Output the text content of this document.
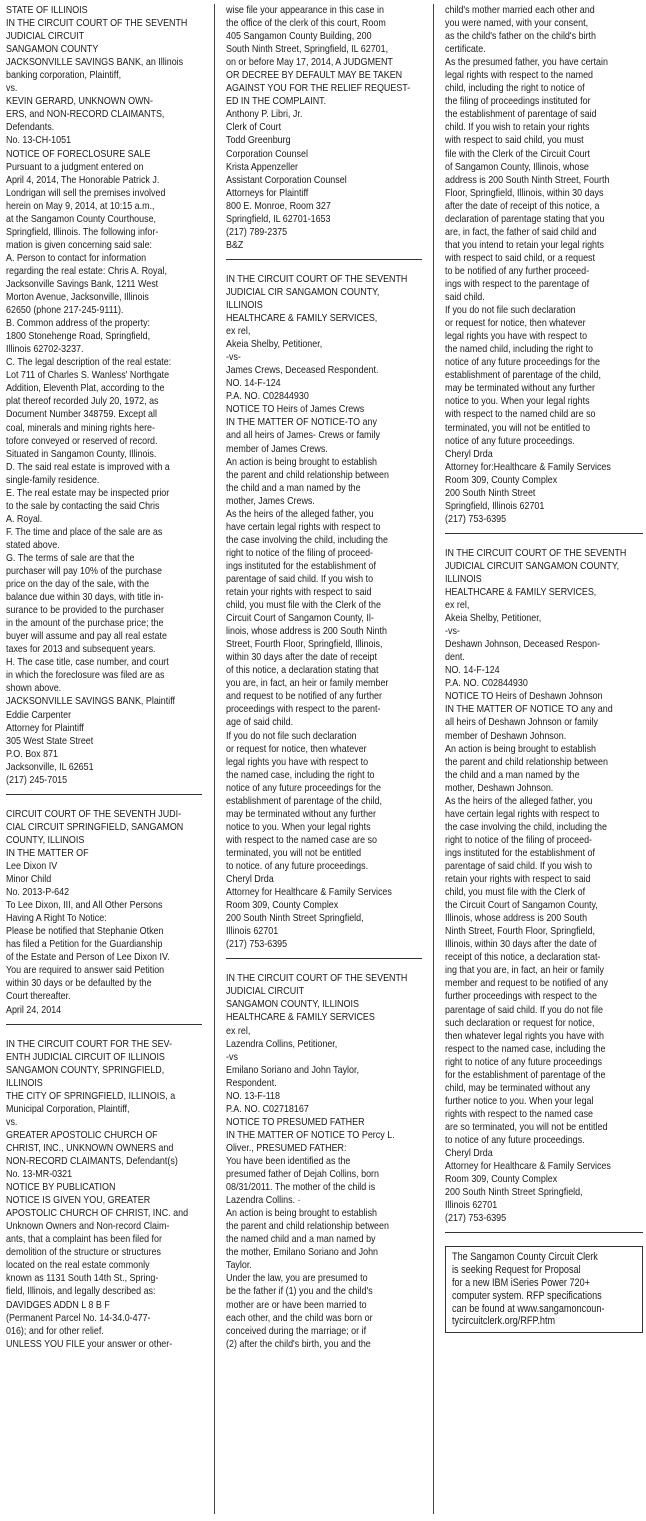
STATE OF ILLINOIS
IN THE CIRCUIT COURT OF THE SEVENTH
JUDICIAL CIRCUIT
SANGAMON COUNTY
JACKSONVILLE SAVINGS BANK, an Illinois
banking corporation, Plaintiff,
vs.
KEVIN GERARD, UNKNOWN OWN-
ERS, and NON-RECORD CLAIMANTS,
Defendants.
No. 13-CH-1051
NOTICE OF FORECLOSURE SALE
Pursuant to a judgment entered on
April 4, 2014, The Honorable Patrick J.
Londrigan will sell the premises involved
herein on May 9, 2014, at 10:15 a.m.,
at the Sangamon County Courthouse,
Springfield, Illinois. The following infor-
mation is given concerning said sale:
A. Person to contact for information
regarding the real estate: Chris A. Royal,
Jacksonville Savings Bank, 1211 West
Morton Avenue, Jacksonville, Illinois
62650 (phone 217-245-9111).
B. Common address of the property:
1800 Stonehenge Road, Springfield,
Illinois 62702-3237.
C. The legal description of the real estate:
Lot 711 of Charles S. Wanless' Northgate
Addition, Eleventh Plat, according to the
plat thereof recorded July 20, 1972, as
Document Number 348759. Except all
coal, minerals and mining rights here-
tofore conveyed or reserved of record.
Situated in Sangamon County, Illinois.
D. The said real estate is improved with a
single-family residence.
E. The real estate may be inspected prior
to the sale by contacting the said Chris
A. Royal.
F. The time and place of the sale are as
stated above.
G. The terms of sale are that the
purchaser will pay 10% of the purchase
price on the day of the sale, with the
balance due within 30 days, with title in-
surance to be provided to the purchaser
in the amount of the purchase price; the
buyer will assume and pay all real estate
taxes for 2013 and subsequent years.
H. The case title, case number, and court
in which the foreclosure was filed are as
shown above.
JACKSONVILLE SAVINGS BANK, Plaintiff
Eddie Carpenter
Attorney for Plaintiff
305 West State Street
P.O. Box 871
Jacksonville, IL 62651
(217) 245-7015
CIRCUIT COURT OF THE SEVENTH JUDI-
CIAL CIRCUIT SPRINGFIELD, SANGAMON
COUNTY, ILLINOIS
IN THE MATTER OF
Lee Dixon IV
Minor Child
No. 2013-P-642
To Lee Dixon, III, and All Other Persons
Having A Right To Notice:
Please be notified that Stephanie Otken
has filed a Petition for the Guardianship
of the Estate and Person of Lee Dixon IV.
You are required to answer said Petition
within 30 days or be defaulted by the
Court thereafter.
April 24, 2014
IN THE CIRCUIT COURT FOR THE SEV-
ENTH JUDICIAL CIRCUIT OF ILLINOIS
SANGAMON COUNTY, SPRINGFIELD,
ILLINOIS
THE CITY OF SPRINGFIELD, ILLINOIS, a
Municipal Corporation, Plaintiff,
vs.
GREATER APOSTOLIC CHURCH OF
CHRIST, INC., UNKNOWN OWNERS and
NON-RECORD CLAIMANTS, Defendant(s)
No. 13-MR-0321
NOTICE BY PUBLICATION
NOTICE IS GIVEN YOU, GREATER
APOSTOLIC CHURCH OF CHRIST, INC. and
Unknown Owners and Non-record Claim-
ants, that a complaint has been filed for
demolition of the structure or structures
located on the real estate commonly
known as 1131 South 14th St., Spring-
field, Illinois, and legally described as:
DAVIDGES ADDN L 8 B F
(Permanent Parcel No. 14-34.0-477-
016); and for other relief.
UNLESS YOU FILE your answer or other-
wise file your appearance in this case in
the office of the clerk of this court, Room
405 Sangamon County Building, 200
South Ninth Street, Springfield, IL 62701,
on or before May 17, 2014, A JUDGMENT
OR DECREE BY DEFAULT MAY BE TAKEN
AGAINST YOU FOR THE RELIEF REQUEST-
ED IN THE COMPLAINT.
Anthony P. Libri, Jr.
Clerk of Court
Todd Greenburg
Corporation Counsel
Krista Appenzeller
Assistant Corporation Counsel
Attorneys for Plaintiff
800 E. Monroe, Room 327
Springfield, IL 62701-1653
(217) 789-2375
B&Z
IN THE CIRCUIT COURT OF THE SEVENTH
JUDICIAL CIR SANGAMON COUNTY,
ILLINOIS
HEALTHCARE & FAMILY SERVICES,
ex rel,
Akeia Shelby, Petitioner,
-vs-
James Crews, Deceased Respondent.
NO. 14-F-124
P.A. NO. C02844930
NOTICE TO Heirs of James Crews
IN THE MATTER OF NOTICE-TO any
and all heirs of James- Crews or family
member of James Crews.
An action is being brought to establish
the parent and child relationship between
the child and a man named by the
mother, James Crews.
As the heirs of the alleged father, you
have certain legal rights with respect to
the case involving the child, including the
right to notice of the filing of proceed-
ings instituted for the establishment of
parentage of said child. If you wish to
retain your rights with respect to said
child, you must file with the Clerk of the
Circuit Court of Sangamon County, Il-
linois, whose address is 200 South Ninth
Street, Fourth Floor, Springfield, Illinois,
within 30 days after the date of receipt
of this notice, a declaration stating that
you are, in fact, an heir or family member
and request to be notified of any further
proceedings with respect to the parent-
age of said child.
If you do not file such declaration
or request for notice, then whatever
legal rights you have with respect to
the named case, including the right to
notice of any future proceedings for the
establishment of parentage of the child,
may be terminated without any further
notice to you. When your legal rights
with respect to the named case are so
terminated, you will not be entitled
to notice. of any future proceedings.
Cheryl Drda
Attorney for Healthcare & Family Services
Room 309, County Complex
200 South Ninth Street Springfield,
Illinois 62701
(217) 753-6395
IN THE CIRCUIT COURT OF THE SEVENTH
JUDICIAL CIRCUIT
SANGAMON COUNTY, ILLINOIS
HEALTHCARE & FAMILY SERVICES
ex rel,
Lazendra Collins, Petitioner,
-vs
Emilano Soriano and John Taylor,
Respondent.
NO. 13-F-118
P.A. NO. C02718167
NOTICE TO PRESUMED FATHER
IN THE MATTER OF NOTICE TO Percy L.
Oliver., PRESUMED FATHER:
You have been identified as the
presumed father of Dejah Collins, born
08/31/2011. The mother of the child is
Lazendra Collins. ·
An action is being brought to establish
the parent and child relationship between
the named child and a man named by
the mother, Emilano Soriano and John
Taylor.
Under the law, you are presumed to
be the father if (1) you and the child's
mother are or have been married to
each other, and the child was born or
conceived during the marriage; or if
(2) after the child's birth, you and the
child's mother married each other and
you were named, with your consent,
as the child's father on the child's birth
certificate.
As the presumed father, you have certain
legal rights with respect to the named
child, including the right to notice of
the filing of proceedings instituted for
the establishment of parentage of said
child. If you wish to retain your rights
with respect to said child, you must
file with the Clerk of the Circuit Court
of Sangamon County, Illinois, whose
address is 200 South Ninth Street, Fourth
Floor, Springfield, Illinois, within 30 days
after the date of receipt of this notice, a
declaration of parentage stating that you
are, in fact, the father of said child and
that you intend to retain your legal rights
with respect to said child, or a request
to be notified of any further proceed-
ings with respect to the parentage of
said child.
If you do not file such declaration
or request for notice, then whatever
legal rights you have with respect to
the named child, including the right to
notice of any future proceedings for the
establishment of parentage of the child,
may be terminated without any further
notice to you. When your legal rights
with respect to the named child are so
terminated, you will not be entitled to
notice of any future proceedings.
Cheryl Drda
Attorney for:Healthcare & Family Services
Room 309, County Complex
200 South Ninth Street
Springfield, Illinois 62701
(217) 753-6395
IN THE CIRCUIT COURT OF THE SEVENTH
JUDICIAL CIRCUIT SANGAMON COUNTY,
ILLINOIS
HEALTHCARE & FAMILY SERVICES,
ex rel,
Akeia Shelby, Petitioner,
-vs-
Deshawn Johnson, Deceased Respon-
dent.
NO. 14-F-124
P.A. NO. C02844930
NOTICE TO Heirs of Deshawn Johnson
IN THE MATTER OF NOTICE TO any and
all heirs of Deshawn Johnson or family
member of Deshawn Johnson.
An action is being brought to establish
the parent and child relationship between
the child and a man named by the
mother, Deshawn Johnson.
As the heirs of the alleged father, you
have certain legal rights with respect to
the case involving the child, including the
right to notice of the filing of proceed-
ings instituted for the establishment of
parentage of said child. If you wish to
retain your rights with respect to said
child, you must file with the Clerk of
the Circuit Court of Sangamon County,
Illinois, whose address is 200 South
Ninth Street, Fourth Floor, Springfield,
Illinois, within 30 days after the date of
receipt of this notice, a declaration stat-
ing that you are, in fact, an heir or family
member and request to be notified of any
further proceedings with respect to the
parentage of said child. If you do not file
such declaration or request for notice,
then whatever legal rights you have with
respect to the named case, including the
right to notice of any future proceedings
for the establishment of parentage of the
child, may be terminated without any
further notice to you. When your legal
rights with respect to the named case
are so terminated, you will not be entitled
to notice of any future proceedings.
Cheryl Drda
Attorney for Healthcare & Family Services
Room 309, County Complex
200 South Ninth Street Springfield,
Illinois 62701
(217) 753-6395
The Sangamon County Circuit Clerk
is seeking Request for Proposal
for a new IBM iSeries Power 720+
computer system. RFP specifications
can be found at www.sangamoncoun-
tycircuitclerk.org/RFP.htm
